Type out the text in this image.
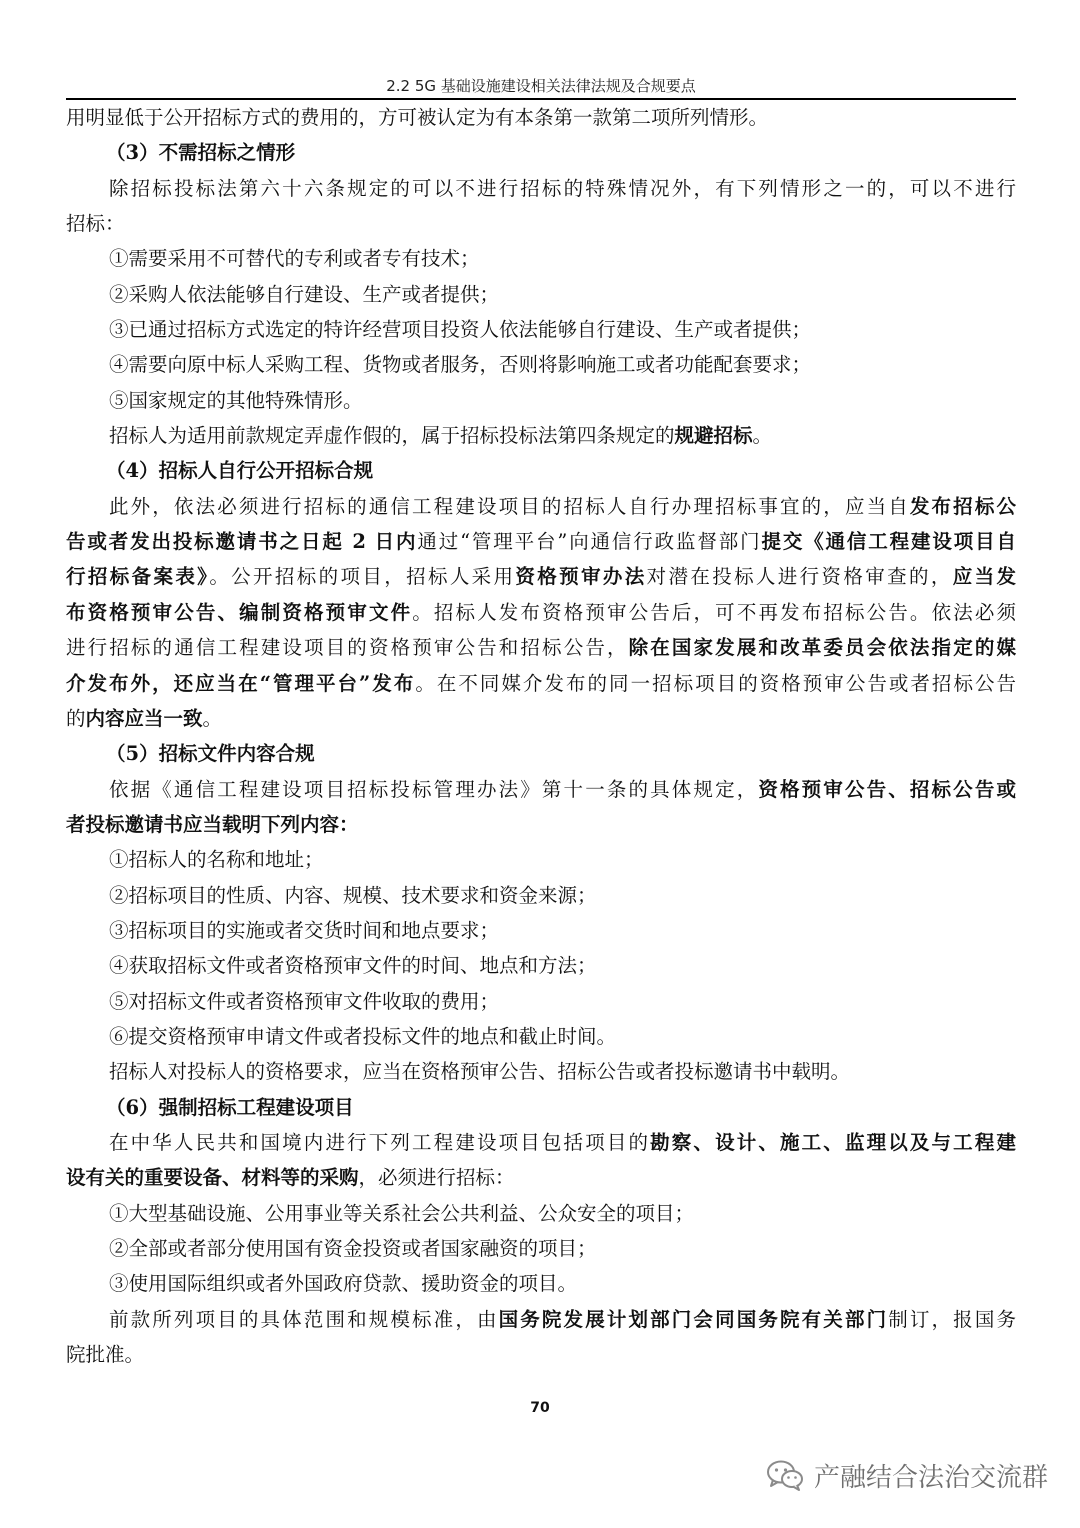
2.2 5G 基础设施建设相关法律法规及合规要点
用明显低于公开招标方式的费用的，方可被认定为有本条第一款第二项所列情形。
（3）不需招标之情形
除招标投标法第六十六条规定的可以不进行招标的特殊情况外，有下列情形之一的，可以不进行
招标：
①需要采用不可替代的专利或者专有技术；
②采购人依法能够自行建设、生产或者提供；
③已通过招标方式选定的特许经营项目投资人依法能够自行建设、生产或者提供；
④需要向原中标人采购工程、货物或者服务，否则将影响施工或者功能配套要求；
⑤国家规定的其他特殊情形。
招标人为适用前款规定弄虚作假的，属于招标投标法第四条规定的规避招标。
（4）招标人自行公开招标合规
此外，依法必须进行招标的通信工程建设项目的招标人自行办理招标事宜的，应当自发布招标公
告或者发出投标邀请书之日起 2 日内通过“管理平台”向通信行政监督部门提交《通信工程建设项目自
行招标备案表》。公开招标的项目，招标人采用资格预审办法对潜在投标人进行资格审查的，应当发
布资格预审公告、编制资格预审文件。招标人发布资格预审公告后，可不再发布招标公告。依法必须
进行招标的通信工程建设项目的资格预审公告和招标公告，除在国家发展和改革委员会依法指定的媒
介发布外，还应当在“管理平台”发布。在不同媒介发布的同一招标项目的资格预审公告或者招标公告
的内容应当一致。
（5）招标文件内容合规
依据《通信工程建设项目招标投标管理办法》第十一条的具体规定，资格预审公告、招标公告或
者投标邀请书应当载明下列内容：
①招标人的名称和地址；
②招标项目的性质、内容、规模、技术要求和资金来源；
③招标项目的实施或者交货时间和地点要求；
④获取招标文件或者资格预审文件的时间、地点和方法；
⑤对招标文件或者资格预审文件收取的费用；
⑥提交资格预审申请文件或者投标文件的地点和截止时间。
招标人对投标人的资格要求，应当在资格预审公告、招标公告或者投标邀请书中载明。
（6）强制招标工程建设项目
在中华人民共和国境内进行下列工程建设项目包括项目的勘察、设计、施工、监理以及与工程建
设有关的重要设备、材料等的采购，必须进行招标：
①大型基础设施、公用事业等关系社会公共利益、公众安全的项目；
②全部或者部分使用国有资金投资或者国家融资的项目；
③使用国际组织或者外国政府贷款、援助资金的项目。
前款所列项目的具体范围和规模标准，由国务院发展计划部门会同国务院有关部门制订，报国务
院批准。
70
产融结合法治交流群
